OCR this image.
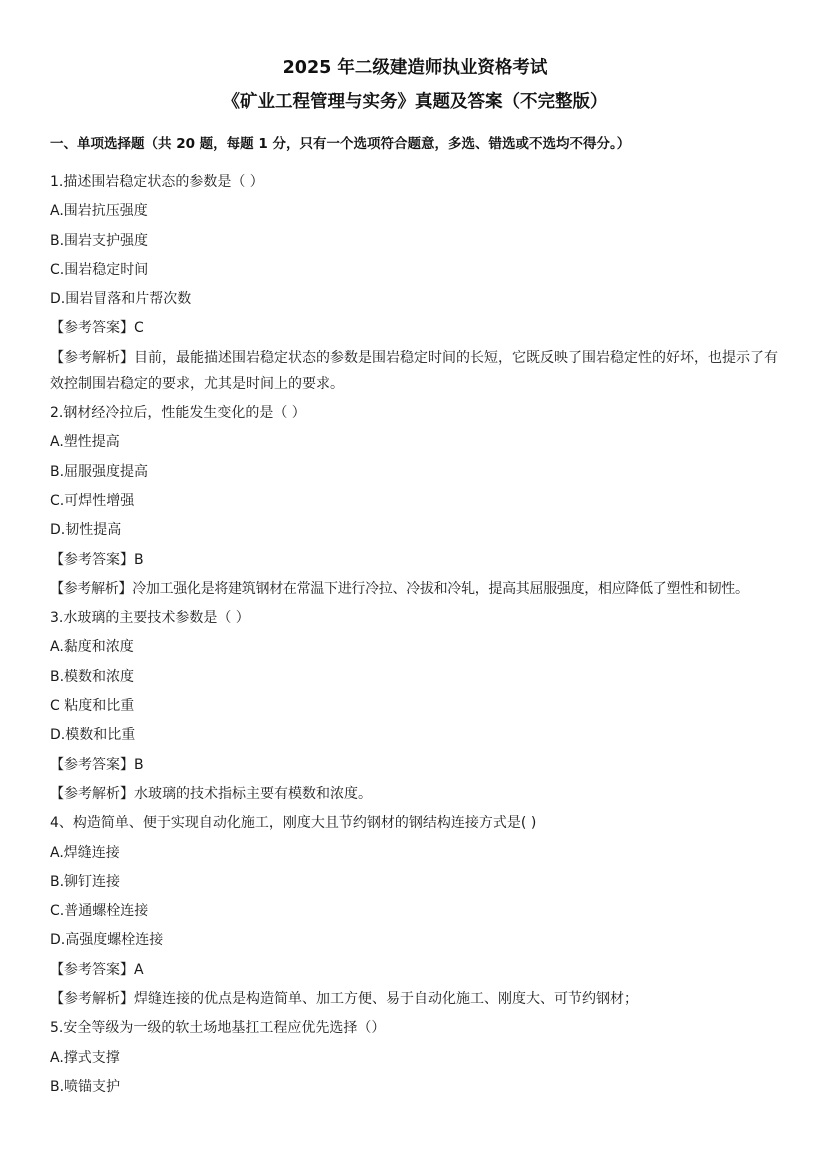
2025 年二级建造师执业资格考试
《矿业工程管理与实务》真题及答案（不完整版）
一、单项选择题（共 20 题，每题 1 分，只有一个选项符合题意，多选、错选或不选均不得分。）
1.描述围岩稳定状态的参数是（ ）
A.围岩抗压强度
B.围岩支护强度
C.围岩稳定时间
D.围岩冒落和片帮次数
【参考答案】C
【参考解析】目前，最能描述围岩稳定状态的参数是围岩稳定时间的长短，它既反映了围岩稳定性的好坏，也提示了有效控制围岩稳定的要求，尤其是时间上的要求。
2.钢材经冷拉后，性能发生变化的是（ ）
A.塑性提高
B.屈服强度提高
C.可焊性增强
D.韧性提高
【参考答案】B
【参考解析】冷加工强化是将建筑钢材在常温下进行冷拉、冷拔和冷轧，提高其屈服强度，相应降低了塑性和韧性。
3.水玻璃的主要技术参数是（ ）
A.黏度和浓度
B.模数和浓度
C 粘度和比重
D.模数和比重
【参考答案】B
【参考解析】水玻璃的技术指标主要有模数和浓度。
4、构造简单、便于实现自动化施工，刚度大且节约钢材的钢结构连接方式是( )
A.焊缝连接
B.铆钉连接
C.普通螺栓连接
D.高强度螺栓连接
【参考答案】A
【参考解析】焊缝连接的优点是构造简单、加工方便、易于自动化施工、刚度大、可节约钢材；
5.安全等级为一级的软土场地基扛工程应优先选择（）
A.撑式支撑
B.喷锚支护
